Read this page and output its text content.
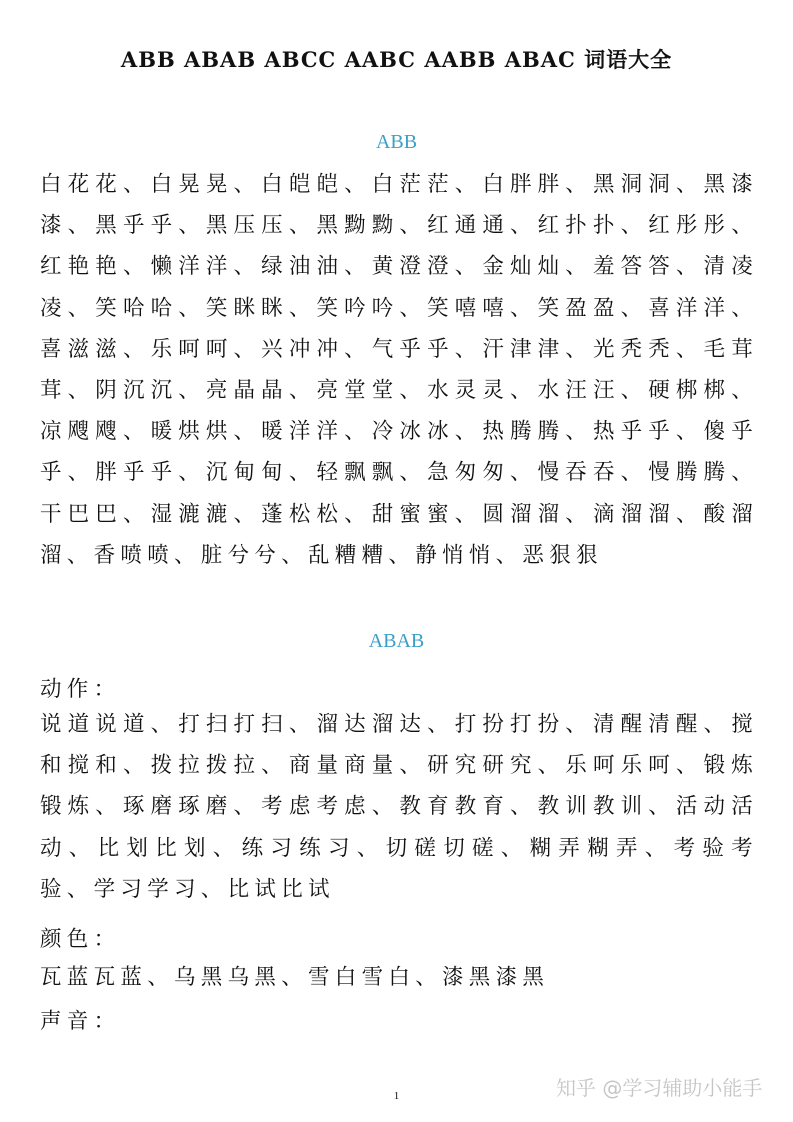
ABB ABAB ABCC AABC AABB ABAC 词语大全
ABB
白花花、白晃晃、白皑皑、白茫茫、白胖胖、黑洞洞、黑漆漆、黑乎乎、黑压压、黑黝黝、红通通、红扑扑、红彤彤、红艳艳、懒洋洋、绿油油、黄澄澄、金灿灿、羞答答、清凌凌、笑哈哈、笑眯眯、笑吟吟、笑嘻嘻、笑盈盈、喜洋洋、喜滋滋、乐呵呵、兴冲冲、气乎乎、汗津津、光秃秃、毛茸茸、阴沉沉、亮晶晶、亮堂堂、水灵灵、水汪汪、硬梆梆、凉飕飕、暖烘烘、暖洋洋、冷冰冰、热腾腾、热乎乎、傻乎乎、胖乎乎、沉甸甸、轻飘飘、急匆匆、慢吞吞、慢腾腾、干巴巴、湿漉漉、蓬松松、甜蜜蜜、圆溜溜、滴溜溜、酸溜溜、香喷喷、脏兮兮、乱糟糟、静悄悄、恶狠狠
ABAB
动作：
说道说道、打扫打扫、溜达溜达、打扮打扮、清醒清醒、搅和搅和、拨拉拨拉、商量商量、研究研究、乐呵乐呵、锻炼锻炼、琢磨琢磨、考虑考虑、教育教育、教训教训、活动活动、比划比划、练习练习、切磋切磋、糊弄糊弄、考验考验、学习学习、比试比试
颜色：
瓦蓝瓦蓝、乌黑乌黑、雪白雪白、漆黑漆黑
声音：
知乎 @学习辅助小能手
1
